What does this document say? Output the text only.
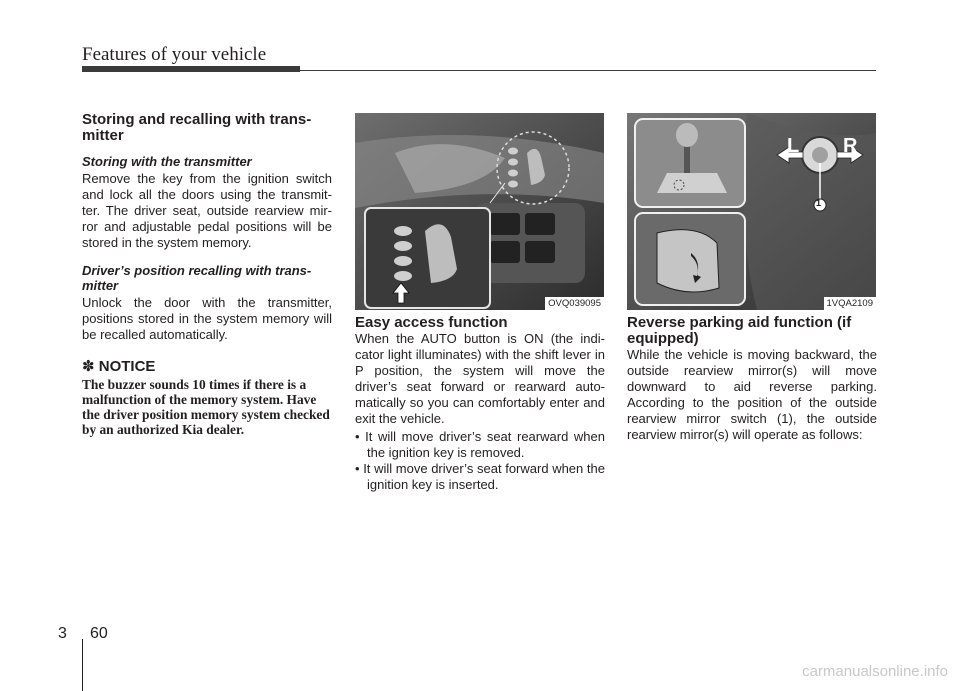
Features of your vehicle
Storing and recalling with trans-mitter
Storing with the transmitter

Remove the key from the ignition switch and lock all the doors using the transmit-ter. The driver seat, outside rearview mir-ror and adjustable pedal positions will be stored in the system memory.

Driver’s position recalling with trans-mitter

Unlock the door with the transmitter, positions stored in the system memory will be recalled automatically.

✽ NOTICE

The buzzer sounds 10 times if there is a malfunction of the memory system. Have the driver position memory system checked by an authorized Kia dealer.

OVQ039095
L R
1
1VQA2109
Easy access function

When the AUTO button is ON (the indi-cator light illuminates) with the shift lever in P position, the system will move the driver’s seat forward or rearward auto-matically so you can comfortably enter and exit the vehicle.

• It will move driver’s seat rearward when the ignition key is removed.
• It will move driver’s seat forward when the ignition key is inserted.
Reverse parking aid function (if equipped)

While the vehicle is moving backward, the outside rearview mirror(s) will move downward to aid reverse parking. According to the position of the outside rearview mirror switch (1), the outside rearview mirror(s) will operate as follows:

3 60
carmanualsonline.info
